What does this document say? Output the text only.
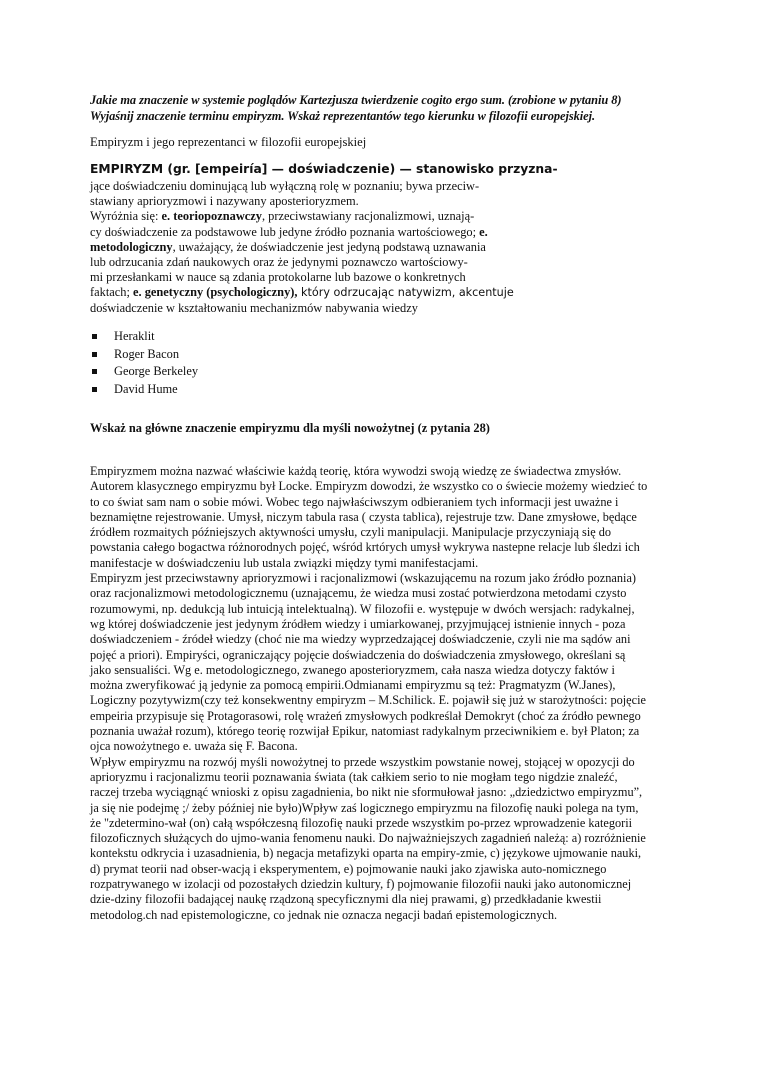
Jakie ma znaczenie w systemie poglądów Kartezjusza twierdzenie cogito ergo sum. (zrobione w pytaniu 8)
Wyjaśnij znaczenie terminu empiryzm. Wskaż reprezentantów tego kierunku w filozofii europejskiej.
Empiryzm i jego reprezentanci w filozofii europejskiej
EMPIRYZM (gr. [empeiría] — doświadczenie) — stanowisko przyzna-
jące doświadczeniu dominującą lub wyłączną rolę w poznaniu; bywa przeciw-
stawiany aprioryzmowi i nazywany aposterioryzmem.
Wyróżnia się: e. teoriopoznawczy, przeciwstawiany racjonalizmowi, uznają-
cy doświadczenie za podstawowe lub jedyne źródło poznania wartościowego; e.
metodologiczny, uważający, że doświadczenie jest jedyną podstawą uznawania
lub odrzucania zdań naukowych oraz że jedynymi poznawczo wartościowy-
mi przesłankami w nauce są zdania protokolarne lub bazowe o konkretnych
faktach; e. genetyczny (psychologiczny), który odrzucając natywizm, akcentuje
doświadczenie w kształtowaniu mechanizmów nabywania wiedzy
Heraklit
Roger Bacon
George Berkeley
David Hume
Wskaż na główne znaczenie empiryzmu dla myśli nowożytnej (z pytania 28)
Empiryzmem można nazwać właściwie każdą teorię, która wywodzi swoją wiedzę ze świadectwa zmysłów.
Autorem klasycznego empiryzmu był Locke. Empiryzm dowodzi, że wszystko co o świecie możemy wiedzieć to
to co świat sam nam o sobie mówi. Wobec tego najwłaściwszym odbieraniem tych informacji jest uważne i
beznamiętne rejestrowanie. Umysł, niczym tabula rasa ( czysta tablica), rejestruje tzw. Dane zmysłowe, będące
źródłem rozmaitych późniejszych aktywności umysłu, czyli manipulacji. Manipulacje przyczyniają się do
powstania całego bogactwa różnorodnych pojęć, wśród krtórych umysł wykrywa nastepne relacje lub śledzi ich
manifestacje w doświadczeniu lub ustala związki między tymi manifestacjami.
Empiryzm jest przeciwstawny aprioryzmowi i racjonalizmowi (wskazującemu na rozum jako źródło poznania)
oraz racjonalizmowi metodologicznemu (uznającemu, że wiedza musi zostać potwierdzona metodami czysto
rozumowymi, np. dedukcją lub intuicją intelektualną). W filozofii e. występuje w dwóch wersjach: radykalnej,
wg której doświadczenie jest jedynym źródłem wiedzy i umiarkowanej, przyjmującej istnienie innych - poza
doświadczeniem - źródeł wiedzy (choć nie ma wiedzy wyprzedzającej doświadczenie, czyli nie ma sądów ani
pojęć a priori). Empiryści, ograniczający pojęcie doświadczenia do doświadczenia zmysłowego, określani są
jako sensualiści. Wg e. metodologicznego, zwanego aposterioryzmem, cała nasza wiedza dotyczy faktów i
można zweryfikować ją jedynie za pomocą empirii.Odmianami empiryzmu są też: Pragmatyzm (W.Janes),
Logiczny pozytywizm(czy też konsekwentny empiryzm – M.Schilick. E. pojawił się już w starożytności: pojęcie
empeiria przypisuje się Protagorasowi, rolę wrażeń zmysłowych podkreślał Demokryt (choć za źródło pewnego
poznania uważał rozum), którego teorię rozwijał Epikur, natomiast radykalnym przeciwnikiem e. był Platon; za
ojca nowożytnego e. uważa się F. Bacona.
Wpływ empiryzmu na rozwój myśli nowożytnej to przede wszystkim powstanie nowej, stojącej w opozycji do
aprioryzmu i racjonalizmu teorii poznawania świata (tak całkiem serio to nie mogłam tego nigdzie znaleźć,
raczej trzeba wyciągnąć wnioski z opisu zagadnienia, bo nikt nie sformułował jasno: „dziedzictwo empiryzmu”,
ja się nie podejmę ;/ żeby później nie było)Wpływ zaś logicznego empiryzmu na filozofię nauki polega na tym,
że "zdetermino-wał (on) całą współczesną filozofię nauki przede wszystkim po-przez wprowadzenie kategorii
filozoficznych służących do ujmo-wania fenomenu nauki. Do najważniejszych zagadnień należą: a) rozróżnienie
kontekstu odkrycia i uzasadnienia, b) negacja metafizyki oparta na empiry-zmie, c) językowe ujmowanie nauki,
d) prymat teorii nad obser-wacją i eksperymentem, e) pojmowanie nauki jako zjawiska auto-nomicznego
rozpatrywanego w izolacji od pozostałych dziedzin kultury, f) pojmowanie filozofii nauki jako autonomicznej
dzie-dziny filozofii badającej naukę rządzoną specyficznymi dla niej prawami, g) przedkładanie kwestii
metodolog.ch nad epistemologiczne, co jednak nie oznacza negacji badań epistemologicznych.
